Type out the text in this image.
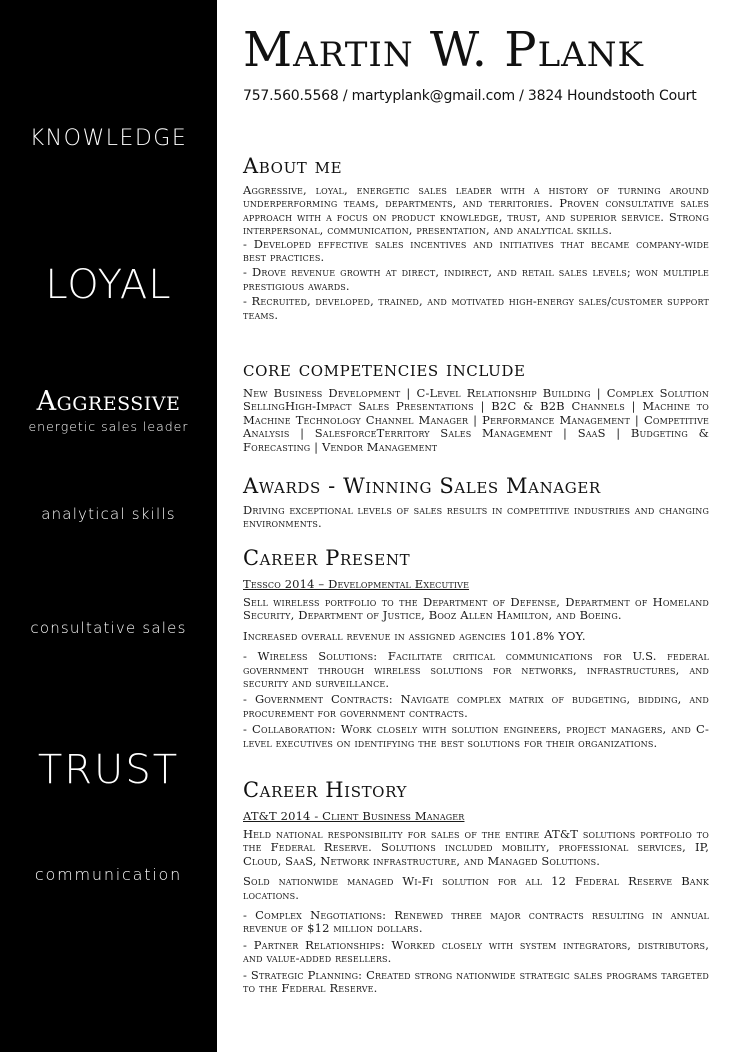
KNOWLEDGE
LOYAL
Aggressive
energetic sales leader
analytical skills
consultative sales
TRUST
communication
Martin W. Plank
757.560.5568 / martyplank@gmail.com / 3824 Houndstooth Court
About me

Aggressive, loyal, energetic sales leader with a history of turning around underperforming teams, departments, and territories. Proven consultative sales approach with a focus on product knowledge, trust, and superior service. Strong interpersonal, communication, presentation, and analytical skills.

- Developed effective sales incentives and initiatives that became company-wide best practices.

- Drove revenue growth at direct, indirect, and retail sales levels; won multiple prestigious awards.

- Recruited, developed, trained, and motivated high-energy sales/customer support teams.

core competencies include

New Business Development | C-Level Relationship Building | Complex Solution SellingHigh-Impact Sales Presentations | B2C & B2B Channels | Machine to Machine Technology Channel Manager | Performance Management | Competitive Analysis | SalesforceTerritory Sales Management | SaaS | Budgeting & Forecasting | Vendor Management

Awards - Winning Sales Manager

Driving exceptional levels of sales results in competitive industries and changing environments.

Career Present
Tessco 2014 – Developmental Executive

Sell wireless portfolio to the Department of Defense, Department of Homeland Security, Department of Justice, Booz Allen Hamilton, and Boeing.

Increased overall revenue in assigned agencies 101.8% YOY.

- Wireless Solutions: Facilitate critical communications for U.S. federal government through wireless solutions for networks, infrastructures, and security and surveillance.

- Government Contracts: Navigate complex matrix of budgeting, bidding, and procurement for government contracts.

- Collaboration: Work closely with solution engineers, project managers, and C-level executives on identifying the best solutions for their organizations.

Career History
AT&T 2014 - Client Business Manager

Held national responsibility for sales of the entire AT&T solutions portfolio to the Federal Reserve. Solutions included mobility, professional services, IP, Cloud, SaaS, Network infrastructure, and Managed Solutions.

Sold nationwide managed Wi-Fi solution for all 12 Federal Reserve Bank locations.

- Complex Negotiations: Renewed three major contracts resulting in annual revenue of $12 million dollars.

- Partner Relationships: Worked closely with system integrators, distributors, and value-added resellers.

- Strategic Planning: Created strong nationwide strategic sales programs targeted to the Federal Reserve.
